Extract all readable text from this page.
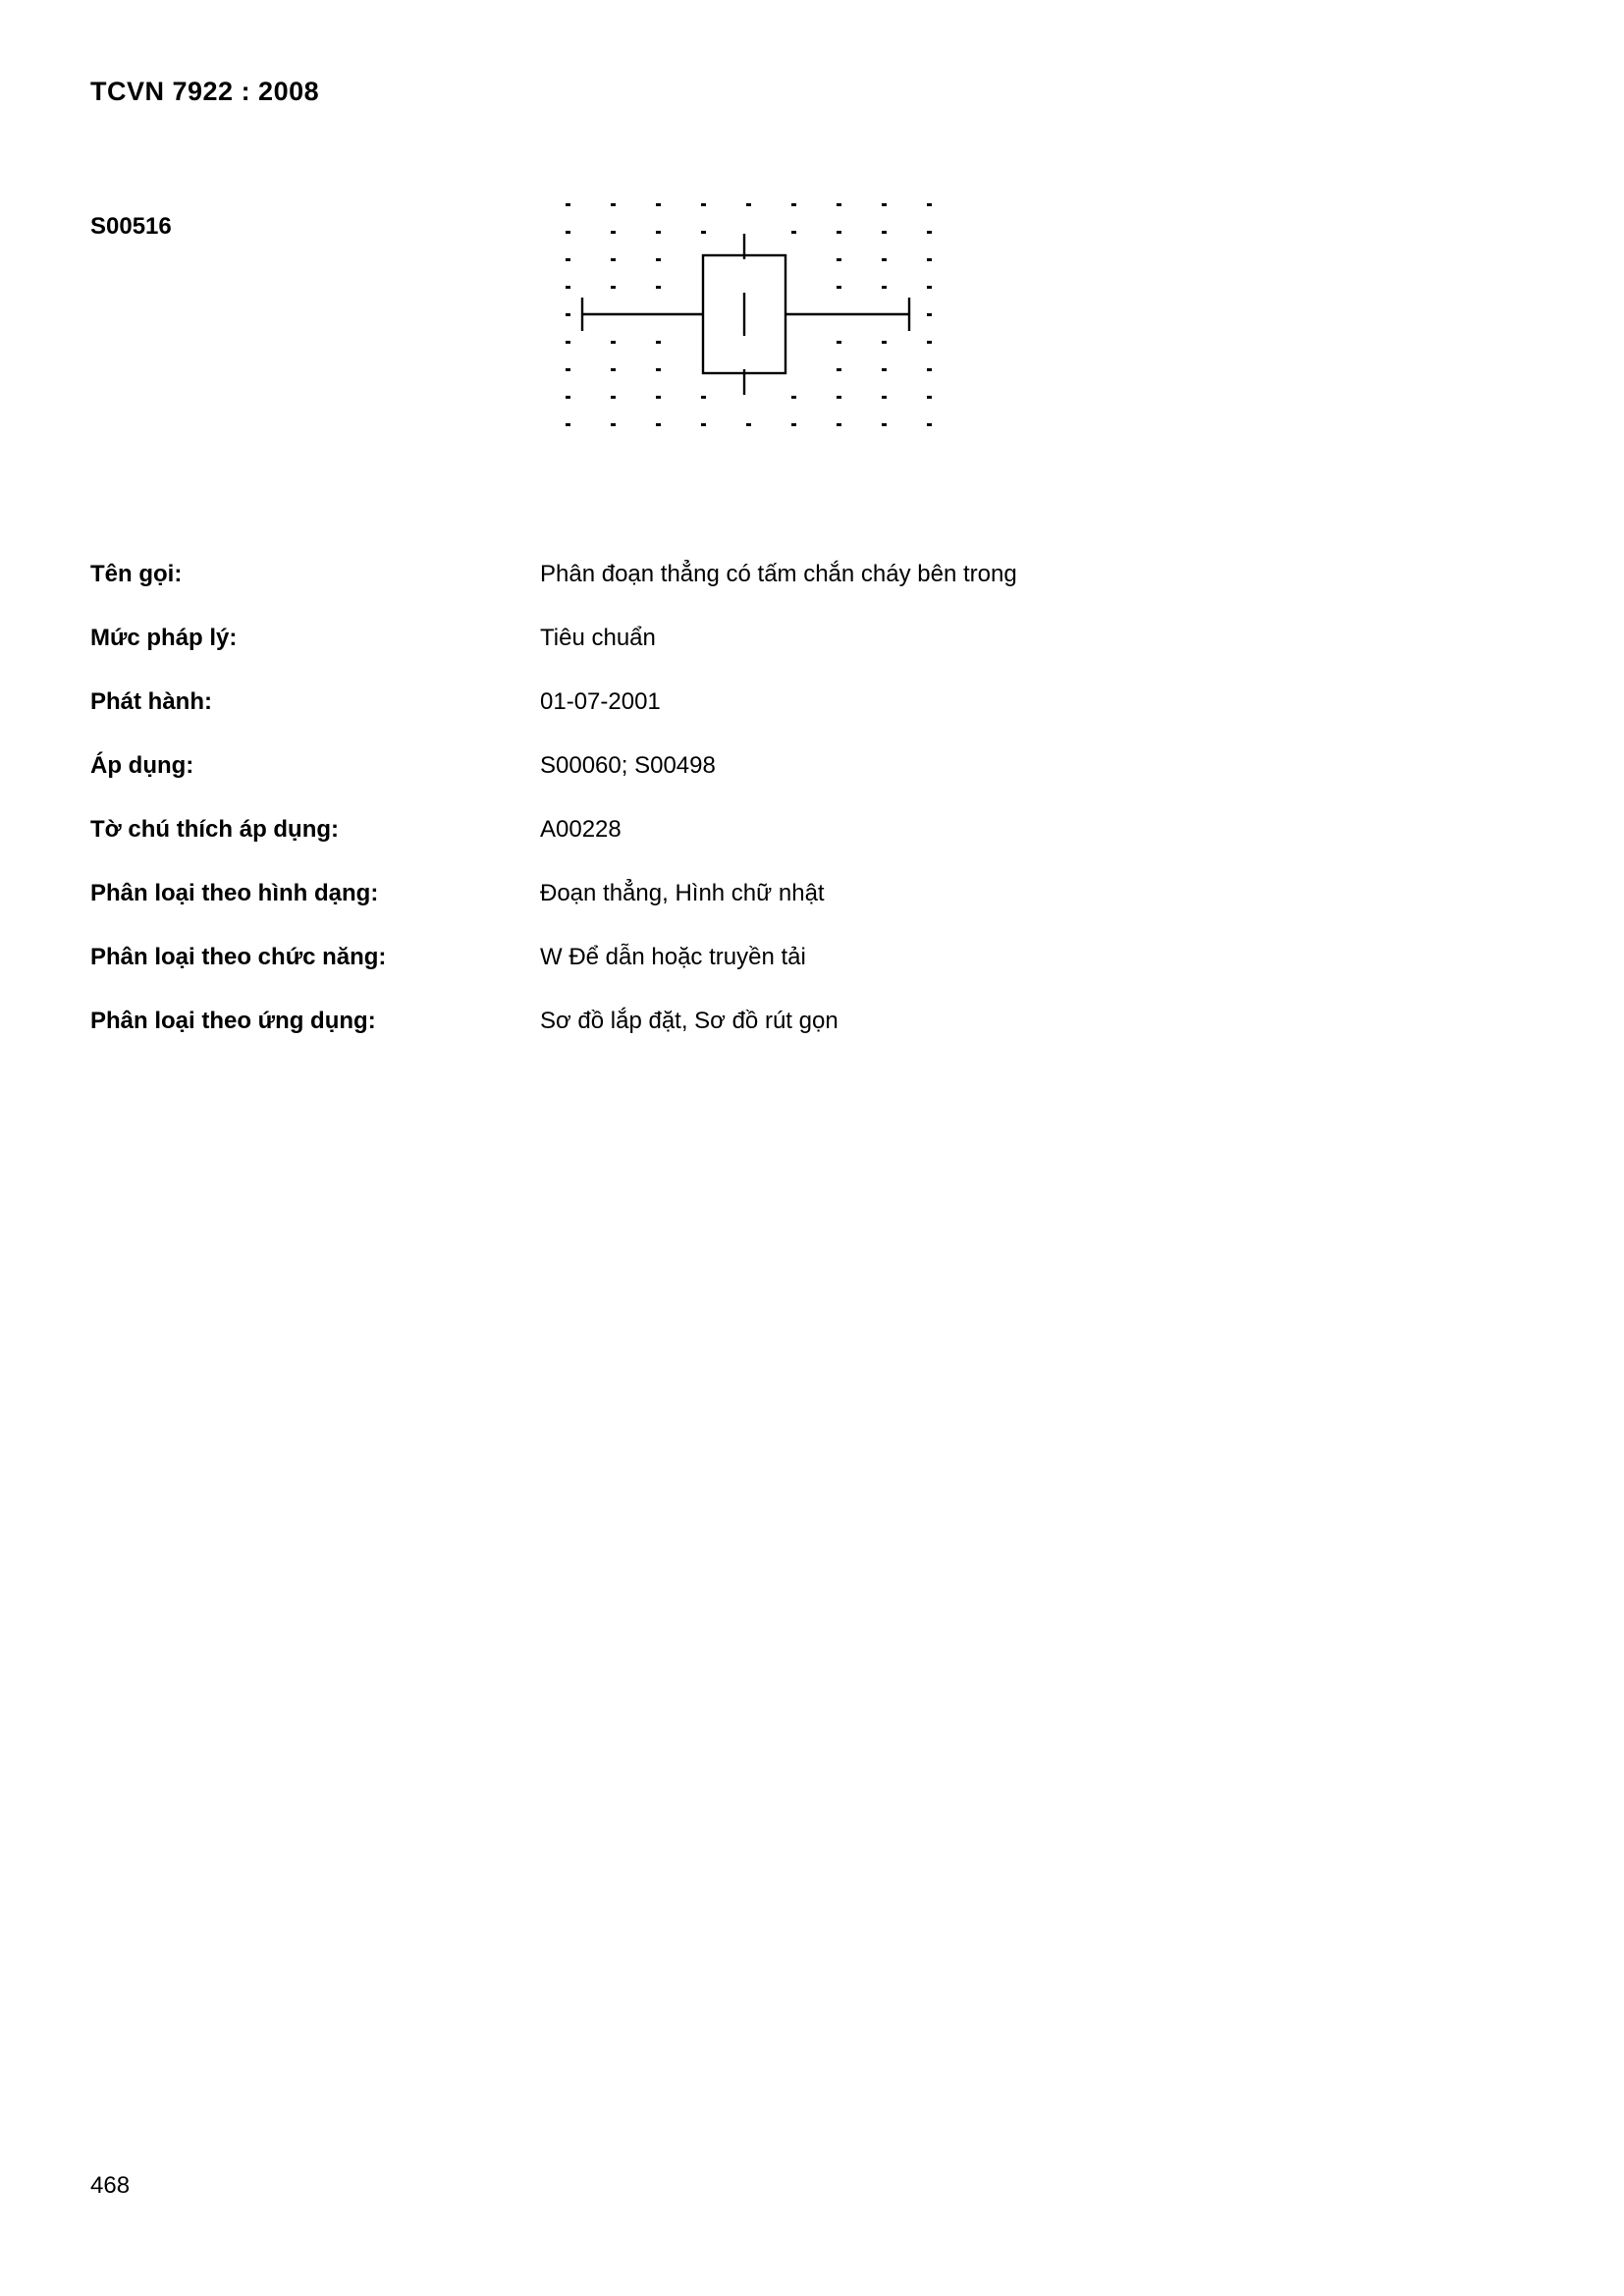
TCVN 7922 : 2008
S00516
Tên gọi:	Phân đoạn thẳng có tấm chắn cháy bên trong
Mức pháp lý:	Tiêu chuẩn
Phát hành:	01-07-2001
Áp dụng:	S00060; S00498
Tờ chú thích áp dụng:	A00228
Phân loại theo hình dạng:	Đoạn thẳng, Hình chữ nhật
Phân loại theo chức năng:	W Để dẫn hoặc truyền tải
Phân loại theo ứng dụng:	Sơ đồ lắp đặt, Sơ đồ rút gọn
468
